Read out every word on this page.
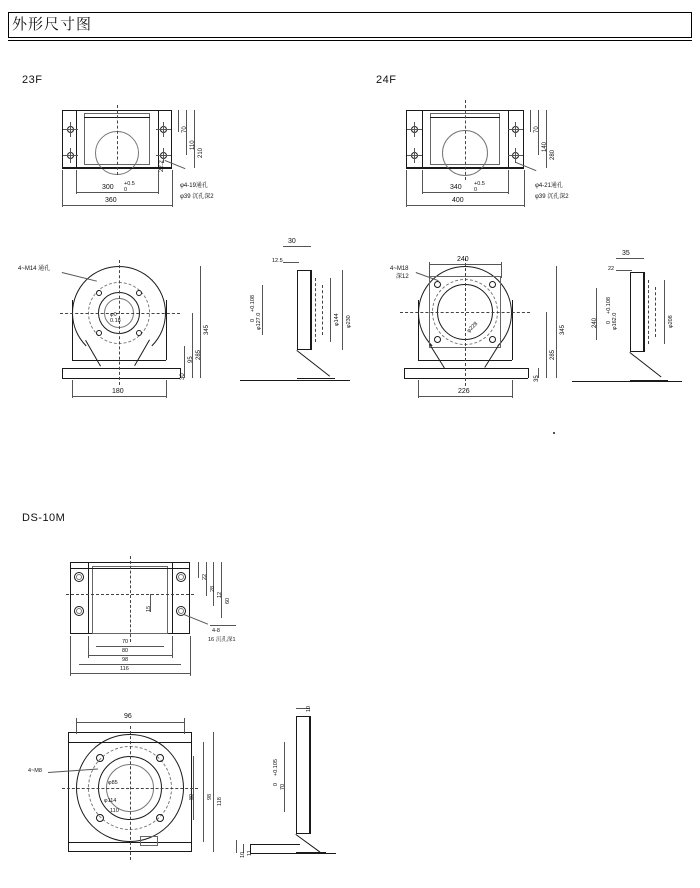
外形尺寸图
23F	24F
DS-10M
70
110
210
22.2
300 +0.5
0
360
φ4-19通孔
φ39 沉孔深2
4~M14 通孔
φ0
0.18
345
285
95
30
180
30
12.5
φ127.0
+0.108
0	φ144 φ230
70
140
280
340 +0.5
0
400
φ4-21通孔
φ39 沉孔深2
240
4~M18
深12
φ228	345
285
35
226
35
22
240	φ162.0
+0.108
0	φ208
15
22
28
12
60
70
80
98
116
4-8
16 沉孔深1
96
4~M8
φ85
φ114
110
98
118
80
10
70
+0.105
0
11
10
